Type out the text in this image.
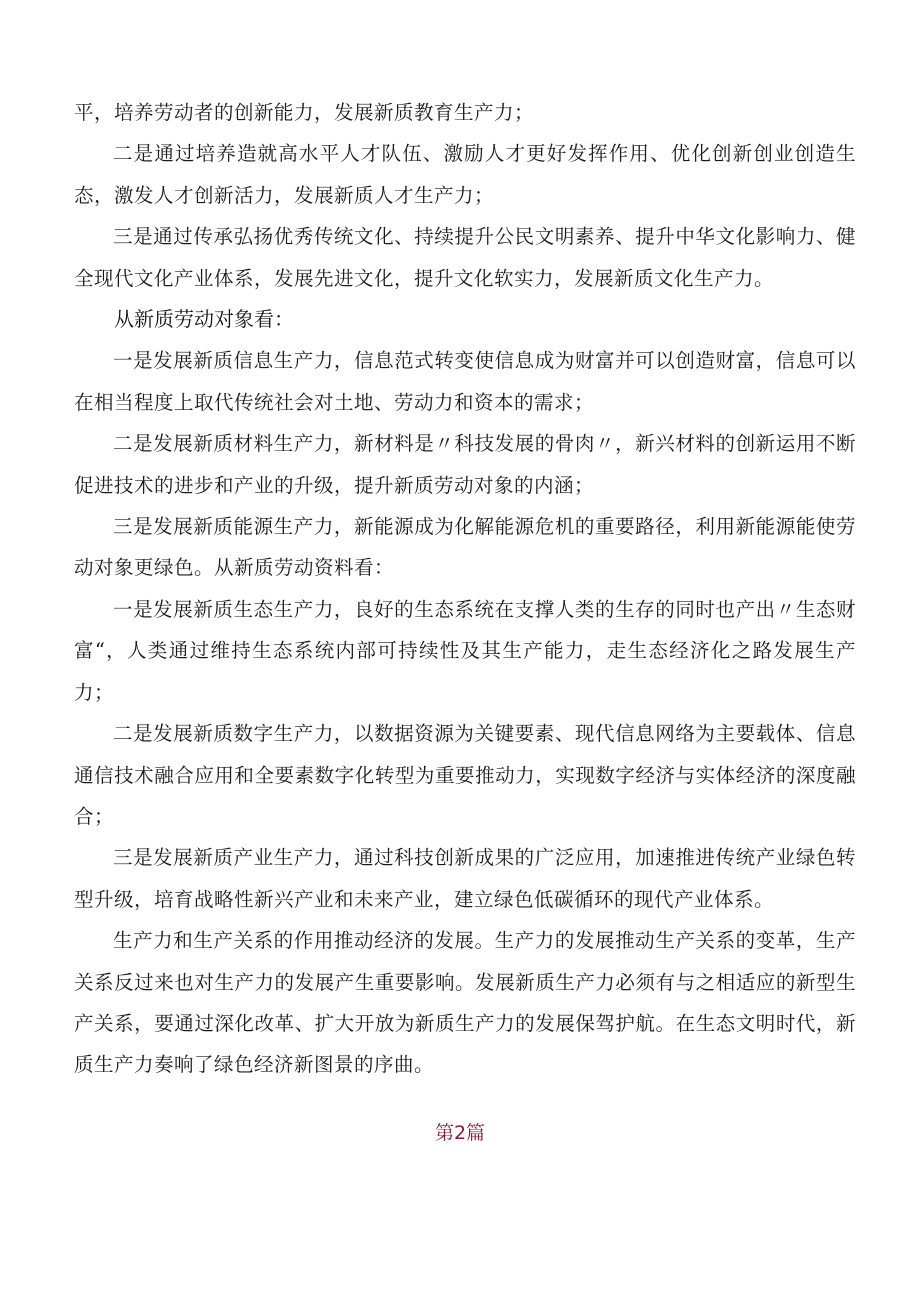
平，培养劳动者的创新能力，发展新质教育生产力；

二是通过培养造就高水平人才队伍、激励人才更好发挥作用、优化创新创业创造生态，激发人才创新活力，发展新质人才生产力；

三是通过传承弘扬优秀传统文化、持续提升公民文明素养、提升中华文化影响力、健全现代文化产业体系，发展先进文化，提升文化软实力，发展新质文化生产力。

从新质劳动对象看：

一是发展新质信息生产力，信息范式转变使信息成为财富并可以创造财富，信息可以在相当程度上取代传统社会对土地、劳动力和资本的需求；

二是发展新质材料生产力，新材料是〃科技发展的骨肉〃，新兴材料的创新运用不断促进技术的进步和产业的升级，提升新质劳动对象的内涵；

三是发展新质能源生产力，新能源成为化解能源危机的重要路径，利用新能源能使劳动对象更绿色。从新质劳动资料看：

一是发展新质生态生产力，良好的生态系统在支撑人类的生存的同时也产出〃生态财富“，人类通过维持生态系统内部可持续性及其生产能力，走生态经济化之路发展生产力；

二是发展新质数字生产力，以数据资源为关键要素、现代信息网络为主要载体、信息通信技术融合应用和全要素数字化转型为重要推动力，实现数字经济与实体经济的深度融合；

三是发展新质产业生产力，通过科技创新成果的广泛应用，加速推进传统产业绿色转型升级，培育战略性新兴产业和未来产业，建立绿色低碳循环的现代产业体系。

生产力和生产关系的作用推动经济的发展。生产力的发展推动生产关系的变革，生产关系反过来也对生产力的发展产生重要影响。发展新质生产力必须有与之相适应的新型生产关系，要通过深化改革、扩大开放为新质生产力的发展保驾护航。在生态文明时代，新质生产力奏响了绿色经济新图景的序曲。

第2篇
